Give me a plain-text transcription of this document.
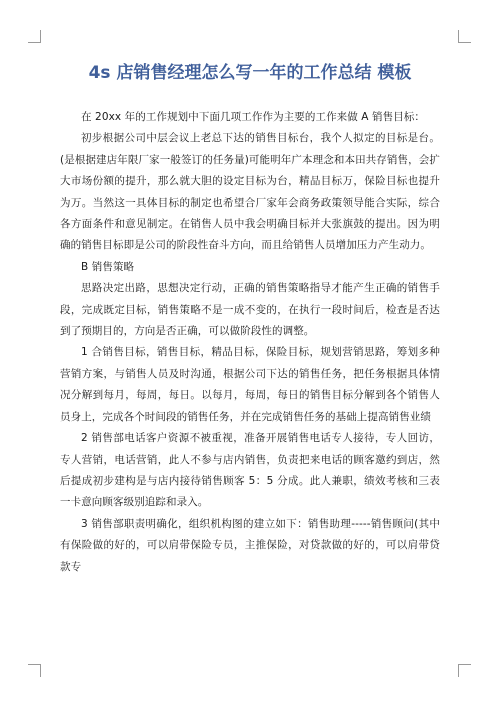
4s 店销售经理怎么写一年的工作总结 模板

在 20xx 年的工作规划中下面几项工作作为主要的工作来做 A 销售目标：

初步根据公司中层会议上老总下达的销售目标台，我个人拟定的目标是台。(是根据建店年限厂家一般签订的任务量)可能明年广本理念和本田共存销售，会扩大市场份额的提升，那么就大胆的设定目标为台，精品目标万，保险目标也提升为万。当然这一具体目标的制定也希望合厂家年会商务政策领导能合实际，综合各方面条件和意见制定。在销售人员中我会明确目标并大张旗鼓的提出。因为明确的销售目标即是公司的阶段性奋斗方向，而且给销售人员增加压力产生动力。

B 销售策略

思路决定出路，思想决定行动，正确的销售策略指导才能产生正确的销售手段，完成既定目标，销售策略不是一成不变的，在执行一段时间后，检查是否达到了预期目的，方向是否正确，可以做阶段性的调整。

1 合销售目标，销售目标，精品目标，保险目标，规划营销思路，筹划多种营销方案，与销售人员及时沟通，根据公司下达的销售任务，把任务根据具体情况分解到每月，每周，每日。以每月，每周，每日的销售目标分解到各个销售人员身上，完成各个时间段的销售任务，并在完成销售任务的基础上提高销售业绩

2 销售部电话客户资源不被重视，准备开展销售电话专人接待，专人回访，专人营销，电话营销，此人不参与店内销售，负责把来电话的顾客邀约到店，然后提成初步建构是与店内接待销售顾客 5：5 分成。此人兼职，绩效考核和三表一卡意向顾客级别追踪和录入。

3 销售部职责明确化，组织机构图的建立如下：销售助理-----销售顾问(其中有保险做的好的，可以肩带保险专员，主推保险，对贷款做的好的，可以肩带贷款专
